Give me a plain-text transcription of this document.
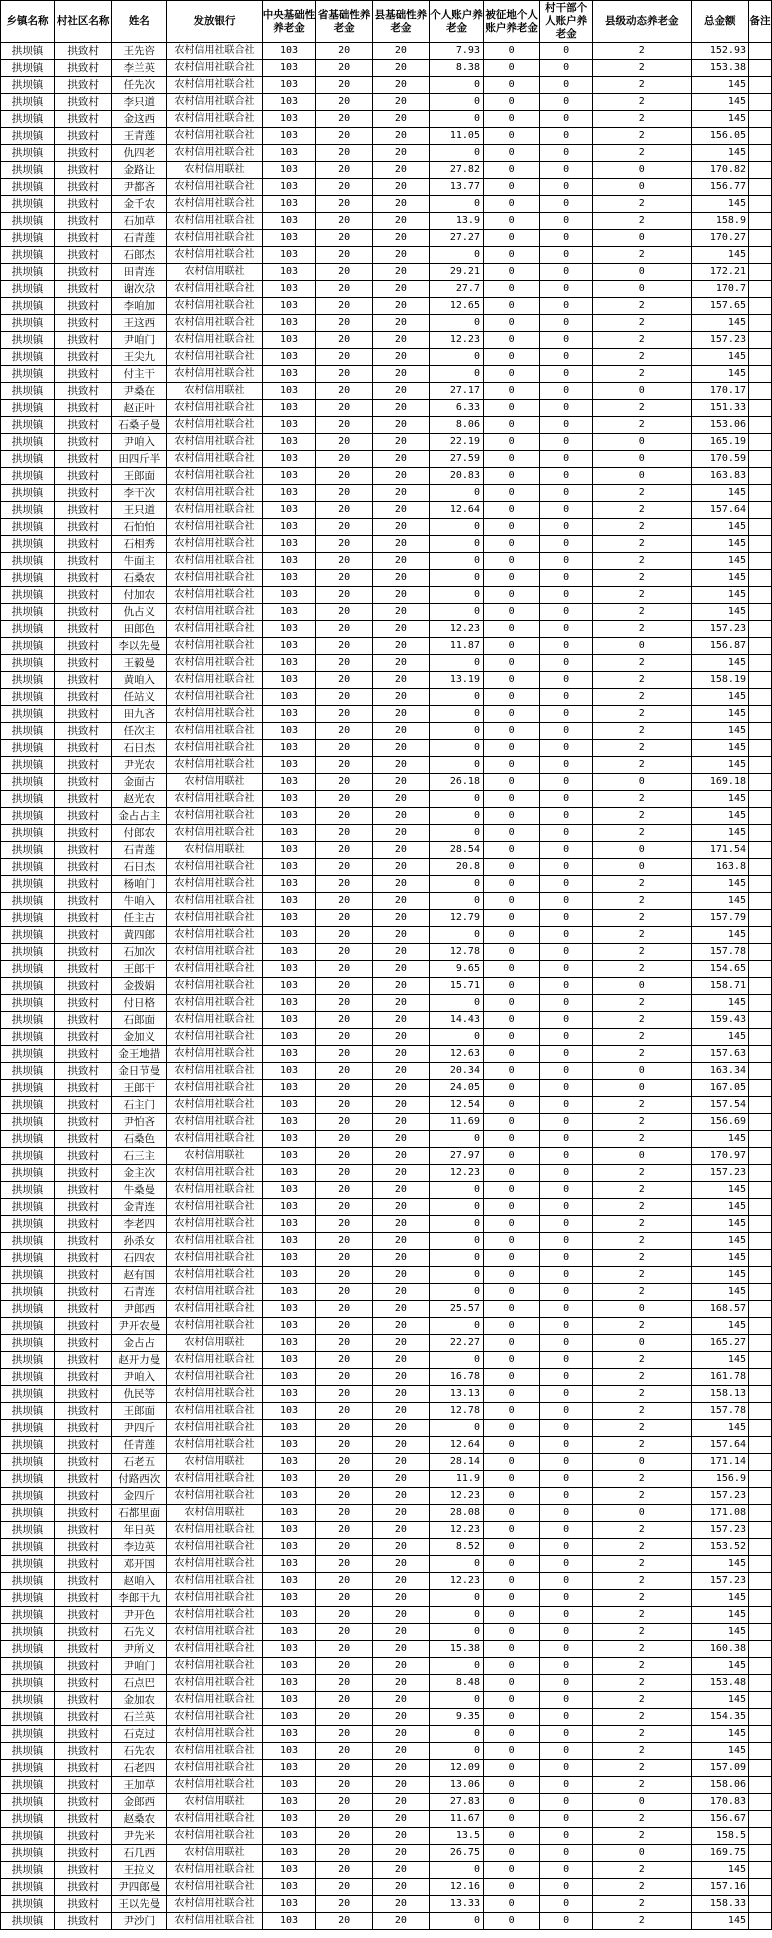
乡镇名称	村社区名称	姓名	发放银行	中央基础性养老金	省基础性养老金	县基础性养老金	个人账户养老金	被征地个人账户养老金	村干部个人账户养老金	县级动态养老金	总金额	备注
拱坝镇	拱致村	王先咨	农村信用社联合社	103	20	20	7.93	0	0	2	152.93	
拱坝镇	拱致村	李兰英	农村信用社联合社	103	20	20	8.38	0	0	2	153.38	
拱坝镇	拱致村	任先次	农村信用社联合社	103	20	20	0	0	0	2	145	
拱坝镇	拱致村	李只道	农村信用社联合社	103	20	20	0	0	0	2	145	
拱坝镇	拱致村	金这西	农村信用社联合社	103	20	20	0	0	0	2	145	
拱坝镇	拱致村	王青莲	农村信用社联合社	103	20	20	11.05	0	0	2	156.05	
拱坝镇	拱致村	仇四老	农村信用社联合社	103	20	20	0	0	0	2	145	
拱坝镇	拱致村	金路让	农村信用联社	103	20	20	27.82	0	0	0	170.82	
拱坝镇	拱致村	尹都吝	农村信用社联合社	103	20	20	13.77	0	0	0	156.77	
拱坝镇	拱致村	金千农	农村信用社联合社	103	20	20	0	0	0	2	145	
拱坝镇	拱致村	石加草	农村信用社联合社	103	20	20	13.9	0	0	2	158.9	
拱坝镇	拱致村	石青莲	农村信用社联合社	103	20	20	27.27	0	0	0	170.27	
拱坝镇	拱致村	石郎杰	农村信用社联合社	103	20	20	0	0	0	2	145	
拱坝镇	拱致村	田青连	农村信用联社	103	20	20	29.21	0	0	0	172.21	
拱坝镇	拱致村	谢次尕	农村信用社联合社	103	20	20	27.7	0	0	0	170.7	
拱坝镇	拱致村	李咱加	农村信用社联合社	103	20	20	12.65	0	0	2	157.65	
拱坝镇	拱致村	王这西	农村信用社联合社	103	20	20	0	0	0	2	145	
拱坝镇	拱致村	尹咱门	农村信用社联合社	103	20	20	12.23	0	0	2	157.23	
拱坝镇	拱致村	王尖九	农村信用社联合社	103	20	20	0	0	0	2	145	
拱坝镇	拱致村	付主干	农村信用社联合社	103	20	20	0	0	0	2	145	
拱坝镇	拱致村	尹桑在	农村信用联社	103	20	20	27.17	0	0	0	170.17	
拱坝镇	拱致村	赵正叶	农村信用社联合社	103	20	20	6.33	0	0	2	151.33	
拱坝镇	拱致村	石桑子曼	农村信用社联合社	103	20	20	8.06	0	0	2	153.06	
拱坝镇	拱致村	尹咱入	农村信用社联合社	103	20	20	22.19	0	0	0	165.19	
拱坝镇	拱致村	田四斤半	农村信用社联合社	103	20	20	27.59	0	0	0	170.59	
拱坝镇	拱致村	王郎面	农村信用社联合社	103	20	20	20.83	0	0	0	163.83	
拱坝镇	拱致村	李干次	农村信用社联合社	103	20	20	0	0	0	2	145	
拱坝镇	拱致村	王只道	农村信用社联合社	103	20	20	12.64	0	0	2	157.64	
拱坝镇	拱致村	石怕怕	农村信用社联合社	103	20	20	0	0	0	2	145	
拱坝镇	拱致村	石相秀	农村信用社联合社	103	20	20	0	0	0	2	145	
拱坝镇	拱致村	牛面主	农村信用社联合社	103	20	20	0	0	0	2	145	
拱坝镇	拱致村	石桑农	农村信用社联合社	103	20	20	0	0	0	2	145	
拱坝镇	拱致村	付加农	农村信用社联合社	103	20	20	0	0	0	2	145	
拱坝镇	拱致村	仇占义	农村信用社联合社	103	20	20	0	0	0	2	145	
拱坝镇	拱致村	田郎色	农村信用社联合社	103	20	20	12.23	0	0	2	157.23	
拱坝镇	拱致村	李以先曼	农村信用社联合社	103	20	20	11.87	0	0	0	156.87	
拱坝镇	拱致村	王毅曼	农村信用社联合社	103	20	20	0	0	0	2	145	
拱坝镇	拱致村	黄咱入	农村信用社联合社	103	20	20	13.19	0	0	2	158.19	
拱坝镇	拱致村	任站义	农村信用社联合社	103	20	20	0	0	0	2	145	
拱坝镇	拱致村	田九吝	农村信用社联合社	103	20	20	0	0	0	2	145	
拱坝镇	拱致村	任次主	农村信用社联合社	103	20	20	0	0	0	2	145	
拱坝镇	拱致村	石日杰	农村信用社联合社	103	20	20	0	0	0	2	145	
拱坝镇	拱致村	尹光农	农村信用社联合社	103	20	20	0	0	0	2	145	
拱坝镇	拱致村	金面古	农村信用联社	103	20	20	26.18	0	0	0	169.18	
拱坝镇	拱致村	赵光农	农村信用社联合社	103	20	20	0	0	0	2	145	
拱坝镇	拱致村	金占占主	农村信用社联合社	103	20	20	0	0	0	2	145	
拱坝镇	拱致村	付郎农	农村信用社联合社	103	20	20	0	0	0	2	145	
拱坝镇	拱致村	石青莲	农村信用联社	103	20	20	28.54	0	0	0	171.54	
拱坝镇	拱致村	石日杰	农村信用社联合社	103	20	20	20.8	0	0	0	163.8	
拱坝镇	拱致村	杨咱门	农村信用社联合社	103	20	20	0	0	0	2	145	
拱坝镇	拱致村	牛咱入	农村信用社联合社	103	20	20	0	0	0	2	145	
拱坝镇	拱致村	任主古	农村信用社联合社	103	20	20	12.79	0	0	2	157.79	
拱坝镇	拱致村	黄四郎	农村信用社联合社	103	20	20	0	0	0	2	145	
拱坝镇	拱致村	石加次	农村信用社联合社	103	20	20	12.78	0	0	2	157.78	
拱坝镇	拱致村	王郎干	农村信用社联合社	103	20	20	9.65	0	0	2	154.65	
拱坝镇	拱致村	金拨娟	农村信用社联合社	103	20	20	15.71	0	0	0	158.71	
拱坝镇	拱致村	付日格	农村信用社联合社	103	20	20	0	0	0	2	145	
拱坝镇	拱致村	石郎面	农村信用社联合社	103	20	20	14.43	0	0	2	159.43	
拱坝镇	拱致村	金加义	农村信用社联合社	103	20	20	0	0	0	2	145	
拱坝镇	拱致村	金王地措	农村信用社联合社	103	20	20	12.63	0	0	2	157.63	
拱坝镇	拱致村	金日节曼	农村信用社联合社	103	20	20	20.34	0	0	0	163.34	
拱坝镇	拱致村	王郎干	农村信用社联合社	103	20	20	24.05	0	0	0	167.05	
拱坝镇	拱致村	石主门	农村信用社联合社	103	20	20	12.54	0	0	2	157.54	
拱坝镇	拱致村	尹怕吝	农村信用社联合社	103	20	20	11.69	0	0	2	156.69	
拱坝镇	拱致村	石桑色	农村信用社联合社	103	20	20	0	0	0	2	145	
拱坝镇	拱致村	石三主	农村信用联社	103	20	20	27.97	0	0	0	170.97	
拱坝镇	拱致村	金主次	农村信用社联合社	103	20	20	12.23	0	0	2	157.23	
拱坝镇	拱致村	牛桑曼	农村信用社联合社	103	20	20	0	0	0	2	145	
拱坝镇	拱致村	金青连	农村信用社联合社	103	20	20	0	0	0	2	145	
拱坝镇	拱致村	李老四	农村信用社联合社	103	20	20	0	0	0	2	145	
拱坝镇	拱致村	孙杀女	农村信用社联合社	103	20	20	0	0	0	2	145	
拱坝镇	拱致村	石四农	农村信用社联合社	103	20	20	0	0	0	2	145	
拱坝镇	拱致村	赵有国	农村信用社联合社	103	20	20	0	0	0	2	145	
拱坝镇	拱致村	石青连	农村信用社联合社	103	20	20	0	0	0	2	145	
拱坝镇	拱致村	尹郎西	农村信用社联合社	103	20	20	25.57	0	0	0	168.57	
拱坝镇	拱致村	尹开农曼	农村信用社联合社	103	20	20	0	0	0	2	145	
拱坝镇	拱致村	金占占	农村信用联社	103	20	20	22.27	0	0	0	165.27	
拱坝镇	拱致村	赵开力曼	农村信用社联合社	103	20	20	0	0	0	2	145	
拱坝镇	拱致村	尹咱入	农村信用社联合社	103	20	20	16.78	0	0	2	161.78	
拱坝镇	拱致村	仇民等	农村信用社联合社	103	20	20	13.13	0	0	2	158.13	
拱坝镇	拱致村	王郎面	农村信用社联合社	103	20	20	12.78	0	0	2	157.78	
拱坝镇	拱致村	尹四斤	农村信用社联合社	103	20	20	0	0	0	2	145	
拱坝镇	拱致村	任青莲	农村信用社联合社	103	20	20	12.64	0	0	2	157.64	
拱坝镇	拱致村	石老五	农村信用联社	103	20	20	28.14	0	0	0	171.14	
拱坝镇	拱致村	付路西次	农村信用社联合社	103	20	20	11.9	0	0	2	156.9	
拱坝镇	拱致村	金四斤	农村信用社联合社	103	20	20	12.23	0	0	2	157.23	
拱坝镇	拱致村	石都里面	农村信用联社	103	20	20	28.08	0	0	0	171.08	
拱坝镇	拱致村	年日英	农村信用社联合社	103	20	20	12.23	0	0	2	157.23	
拱坝镇	拱致村	李边英	农村信用社联合社	103	20	20	8.52	0	0	2	153.52	
拱坝镇	拱致村	邓开国	农村信用社联合社	103	20	20	0	0	0	2	145	
拱坝镇	拱致村	赵咱入	农村信用社联合社	103	20	20	12.23	0	0	2	157.23	
拱坝镇	拱致村	李郎干九	农村信用社联合社	103	20	20	0	0	0	2	145	
拱坝镇	拱致村	尹开色	农村信用社联合社	103	20	20	0	0	0	2	145	
拱坝镇	拱致村	石先义	农村信用社联合社	103	20	20	0	0	0	2	145	
拱坝镇	拱致村	尹所义	农村信用社联合社	103	20	20	15.38	0	0	2	160.38	
拱坝镇	拱致村	尹咱门	农村信用社联合社	103	20	20	0	0	0	2	145	
拱坝镇	拱致村	石点巴	农村信用社联合社	103	20	20	8.48	0	0	2	153.48	
拱坝镇	拱致村	金加农	农村信用社联合社	103	20	20	0	0	0	2	145	
拱坝镇	拱致村	石兰英	农村信用社联合社	103	20	20	9.35	0	0	2	154.35	
拱坝镇	拱致村	石克过	农村信用社联合社	103	20	20	0	0	0	2	145	
拱坝镇	拱致村	石先农	农村信用社联合社	103	20	20	0	0	0	2	145	
拱坝镇	拱致村	石老四	农村信用社联合社	103	20	20	12.09	0	0	2	157.09	
拱坝镇	拱致村	王加草	农村信用社联合社	103	20	20	13.06	0	0	2	158.06	
拱坝镇	拱致村	金郎西	农村信用联社	103	20	20	27.83	0	0	0	170.83	
拱坝镇	拱致村	赵桑农	农村信用社联合社	103	20	20	11.67	0	0	2	156.67	
拱坝镇	拱致村	尹先米	农村信用社联合社	103	20	20	13.5	0	0	2	158.5	
拱坝镇	拱致村	石几西	农村信用联社	103	20	20	26.75	0	0	0	169.75	
拱坝镇	拱致村	王拉义	农村信用社联合社	103	20	20	0	0	0	2	145	
拱坝镇	拱致村	尹四郎曼	农村信用社联合社	103	20	20	12.16	0	0	2	157.16	
拱坝镇	拱致村	王以先曼	农村信用社联合社	103	20	20	13.33	0	0	2	158.33	
拱坝镇	拱致村	尹沙门	农村信用社联合社	103	20	20	0	0	0	2	145	
